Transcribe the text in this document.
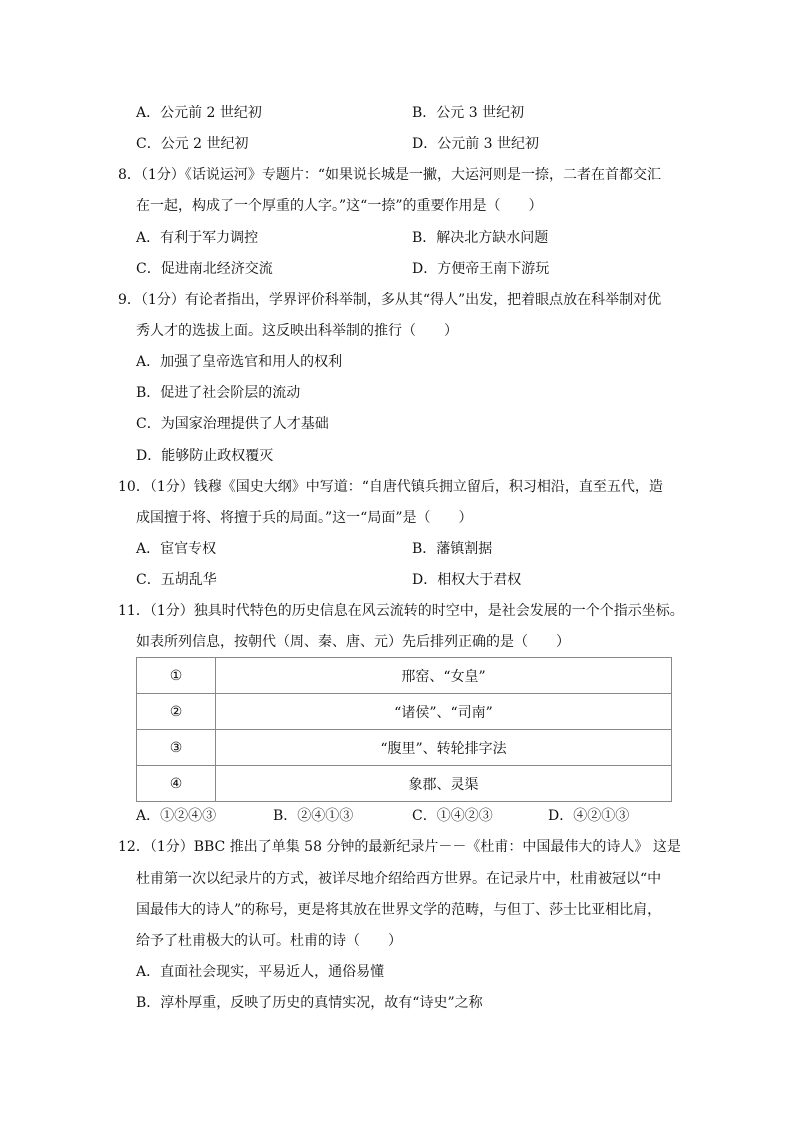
A．公元前 2 世纪初	B．公元 3 世纪初
C．公元 2 世纪初	D．公元前 3 世纪初
8．（1分）《话说运河》专题片：“如果说长城是一撇，大运河则是一捺，二者在首都交汇
在一起，构成了一个厚重的人字。”这“一捺”的重要作用是（　　）
A．有利于军力调控	B．解决北方缺水问题
C．促进南北经济交流	D．方便帝王南下游玩
9．（1分）有论者指出，学界评价科举制，多从其“得人”出发，把着眼点放在科举制对优
秀人才的选拔上面。这反映出科举制的推行（　　）
A．加强了皇帝选官和用人的权利
B．促进了社会阶层的流动
C．为国家治理提供了人才基础
D．能够防止政权覆灭
10．（1分）钱穆《国史大纲》中写道：“自唐代镇兵拥立留后，积习相沿，直至五代，造
成国擅于将、将擅于兵的局面。”这一“局面”是（　　）
A．宦官专权	B．藩镇割据
C．五胡乱华	D．相权大于君权
11．（1分）独具时代特色的历史信息在风云流转的时空中，是社会发展的一个个指示坐标。
如表所列信息，按朝代（周、秦、唐、元）先后排列正确的是（　　）
①	邢窑、“女皇”
②	“诸侯”、“司南”
③	“腹里”、转轮排字法
④	象郡、灵渠
A．①②④③	B．②④①③	C．①④②③	D．④②①③
12．（1分）BBC 推出了单集 58 分钟的最新纪录片－－《杜甫：中国最伟大的诗人》 这是
杜甫第一次以纪录片的方式，被详尽地介绍给西方世界。在记录片中，杜甫被冠以“中
国最伟大的诗人”的称号，更是将其放在世界文学的范畴，与但丁、莎士比亚相比肩，
给予了杜甫极大的认可。杜甫的诗（　　）
A．直面社会现实，平易近人，通俗易懂
B．淳朴厚重，反映了历史的真情实况，故有“诗史”之称
